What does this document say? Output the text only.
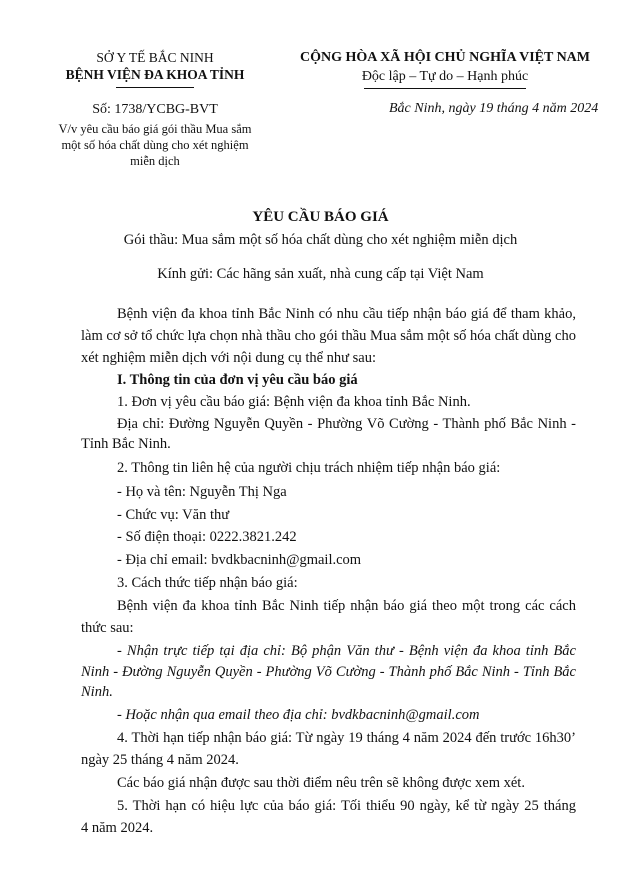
SỞ Y TẾ BẮC NINH
BỆNH VIỆN ĐA KHOA TỈNH
Số: 1738/YCBG-BVT
V/v yêu cầu báo giá gói thầu Mua sắm
một số hóa chất dùng cho xét nghiệm
miễn dịch
CỘNG HÒA XÃ HỘI CHỦ NGHĨA VIỆT NAM
Độc lập – Tự do – Hạnh phúc
Bắc Ninh, ngày 19 tháng 4 năm 2024
YÊU CẦU BÁO GIÁ
Gói thầu: Mua sắm một số hóa chất dùng cho xét nghiệm miễn dịch
Kính gửi: Các hãng sản xuất, nhà cung cấp tại Việt Nam
Bệnh viện đa khoa tỉnh Bắc Ninh có nhu cầu tiếp nhận báo giá để tham khảo,
làm cơ sở tổ chức lựa chọn nhà thầu cho gói thầu Mua sắm một số hóa chất dùng cho
xét nghiệm miễn dịch với nội dung cụ thể như sau:
I. Thông tin của đơn vị yêu cầu báo giá
1. Đơn vị yêu cầu báo giá: Bệnh viện đa khoa tỉnh Bắc Ninh.
Địa chỉ: Đường Nguyễn Quyền - Phường Võ Cường - Thành phố Bắc Ninh -
Tỉnh Bắc Ninh.
2. Thông tin liên hệ của người chịu trách nhiệm tiếp nhận báo giá:
- Họ và tên: Nguyễn Thị Nga
- Chức vụ: Văn thư
- Số điện thoại: 0222.3821.242
- Địa chỉ email: bvdkbacninh@gmail.com
3. Cách thức tiếp nhận báo giá:
Bệnh viện đa khoa tỉnh Bắc Ninh tiếp nhận báo giá theo một trong các cách
thức sau:
- Nhận trực tiếp tại địa chỉ: Bộ phận Văn thư - Bệnh viện đa khoa tỉnh Bắc
Ninh - Đường Nguyễn Quyền - Phường Võ Cường - Thành phố Bắc Ninh - Tỉnh Bắc
Ninh.
- Hoặc nhận qua email theo địa chỉ: bvdkbacninh@gmail.com
4. Thời hạn tiếp nhận báo giá: Từ ngày 19 tháng 4 năm 2024 đến trước 16h30’
ngày 25 tháng 4 năm 2024.
Các báo giá nhận được sau thời điểm nêu trên sẽ không được xem xét.
5. Thời hạn có hiệu lực của báo giá: Tối thiểu 90 ngày, kể từ ngày 25 tháng
4 năm 2024.
